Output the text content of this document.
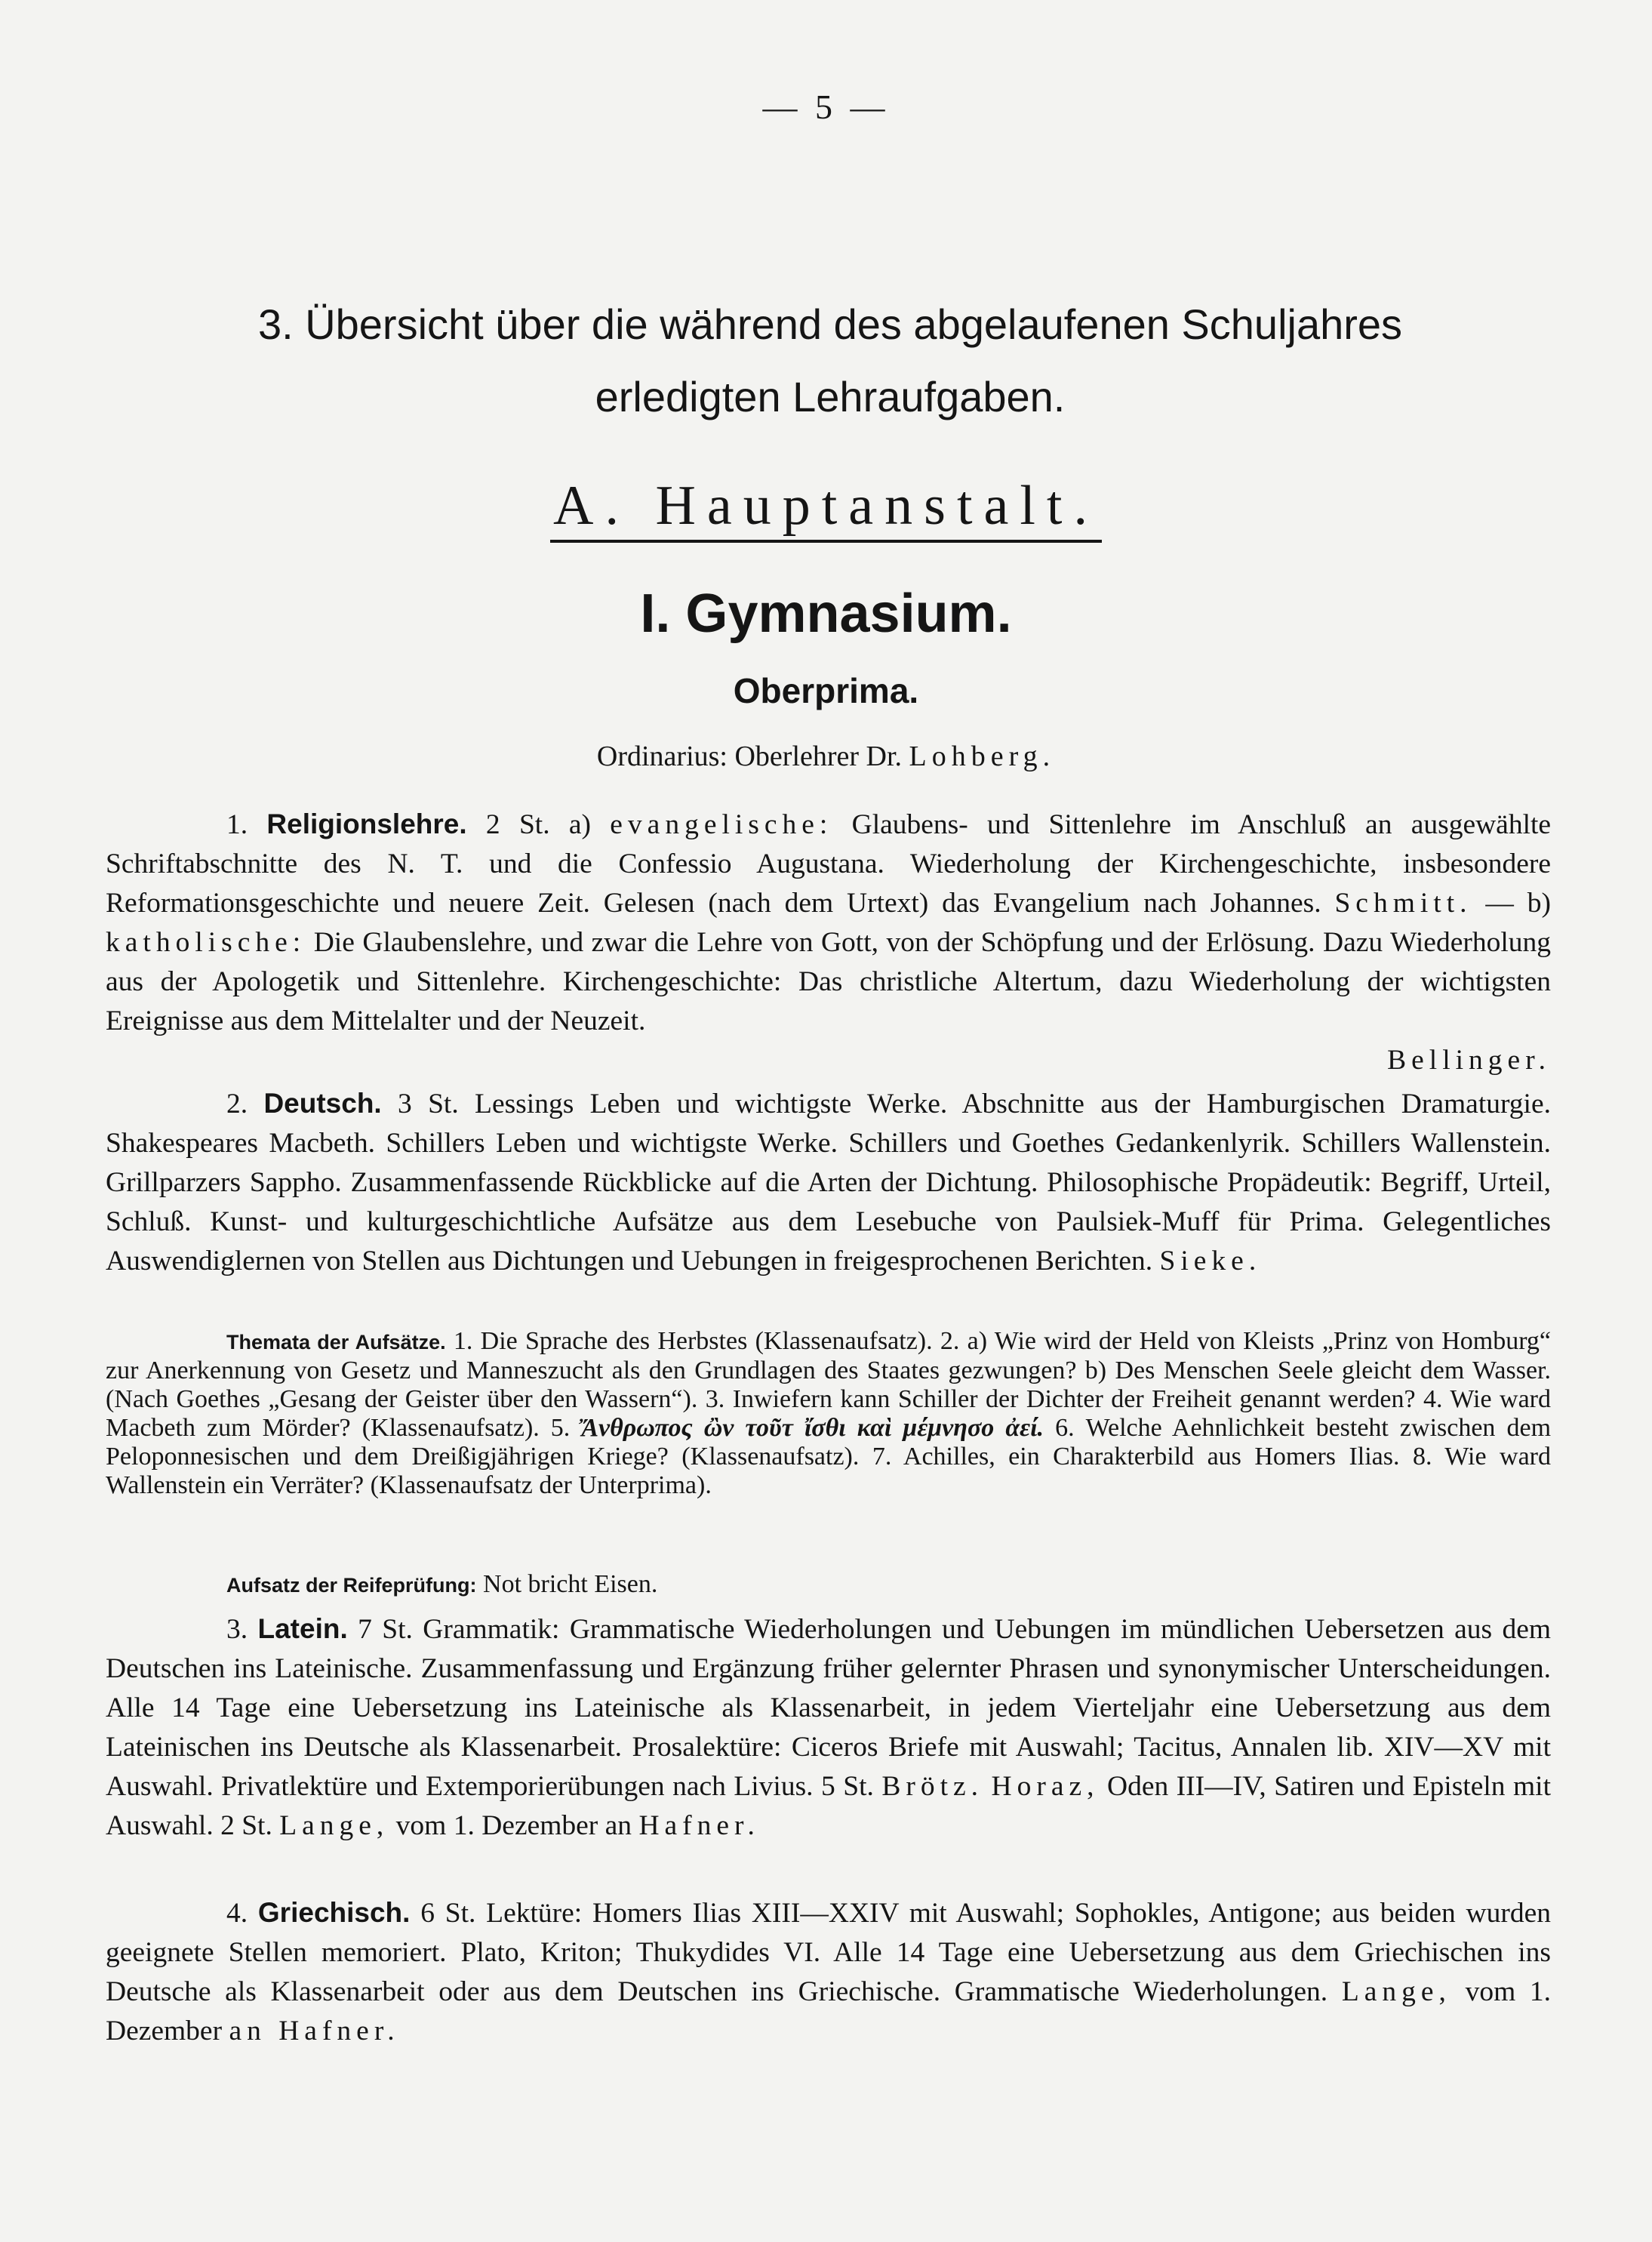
— 5 —
3. Übersicht über die während des abgelaufenen Schuljahres
erledigten Lehraufgaben.
A. Hauptanstalt.
I. Gymnasium.
Oberprima.
Ordinarius: Oberlehrer Dr. Lohberg.
1. Religionslehre. 2 St. a) evangelische: Glaubens- und Sittenlehre im Anschluß an ausgewählte Schriftabschnitte des N. T. und die Confessio Augustana. Wiederholung der Kirchengeschichte, insbesondere Reformationsgeschichte und neuere Zeit. Gelesen (nach dem Urtext) das Evangelium nach Johannes. Schmitt. — b) katholische: Die Glaubenslehre, und zwar die Lehre von Gott, von der Schöpfung und der Erlösung. Dazu Wiederholung aus der Apologetik und Sittenlehre. Kirchengeschichte: Das christliche Altertum, dazu Wiederholung der wichtigsten Ereignisse aus dem Mittelalter und der Neuzeit.
Bellinger.
2. Deutsch. 3 St. Lessings Leben und wichtigste Werke. Abschnitte aus der Hamburgischen Dramaturgie. Shakespeares Macbeth. Schillers Leben und wichtigste Werke. Schillers und Goethes Gedankenlyrik. Schillers Wallenstein. Grillparzers Sappho. Zusammenfassende Rückblicke auf die Arten der Dichtung. Philosophische Propädeutik: Begriff, Urteil, Schluß. Kunst- und kulturgeschichtliche Aufsätze aus dem Lesebuche von Paulsiek-Muff für Prima. Gelegentliches Auswendiglernen von Stellen aus Dichtungen und Uebungen in freigesprochenen Berichten. Sieke.
Themata der Aufsätze. 1. Die Sprache des Herbstes (Klassenaufsatz). 2. a) Wie wird der Held von Kleists „Prinz von Homburg“ zur Anerkennung von Gesetz und Manneszucht als den Grundlagen des Staates gezwungen? b) Des Menschen Seele gleicht dem Wasser. (Nach Goethes „Gesang der Geister über den Wassern“). 3. Inwiefern kann Schiller der Dichter der Freiheit genannt werden? 4. Wie ward Macbeth zum Mörder? (Klassenaufsatz). 5. Ἄνθρωπος ὢν τοῦτ ἴσθι καὶ μέμνησο ἀεί. 6. Welche Aehnlichkeit besteht zwischen dem Peloponnesischen und dem Dreißigjährigen Kriege? (Klassenaufsatz). 7. Achilles, ein Charakterbild aus Homers Ilias. 8. Wie ward Wallenstein ein Verräter? (Klassenaufsatz der Unterprima).
Aufsatz der Reifeprüfung: Not bricht Eisen.
3. Latein. 7 St. Grammatik: Grammatische Wiederholungen und Uebungen im mündlichen Uebersetzen aus dem Deutschen ins Lateinische. Zusammenfassung und Ergänzung früher gelernter Phrasen und synonymischer Unterscheidungen. Alle 14 Tage eine Uebersetzung ins Lateinische als Klassenarbeit, in jedem Vierteljahr eine Uebersetzung aus dem Lateinischen ins Deutsche als Klassenarbeit. Prosalektüre: Ciceros Briefe mit Auswahl; Tacitus, Annalen lib. XIV—XV mit Auswahl. Privatlektüre und Extemporierübungen nach Livius. 5 St. Brötz. Horaz, Oden III—IV, Satiren und Episteln mit Auswahl. 2 St. Lange, vom 1. Dezember an Hafner.
4. Griechisch. 6 St. Lektüre: Homers Ilias XIII—XXIV mit Auswahl; Sophokles, Antigone; aus beiden wurden geeignete Stellen memoriert. Plato, Kriton; Thukydides VI. Alle 14 Tage eine Uebersetzung aus dem Griechischen ins Deutsche als Klassenarbeit oder aus dem Deutschen ins Griechische. Grammatische Wiederholungen. Lange, vom 1. Dezember an Hafner.
